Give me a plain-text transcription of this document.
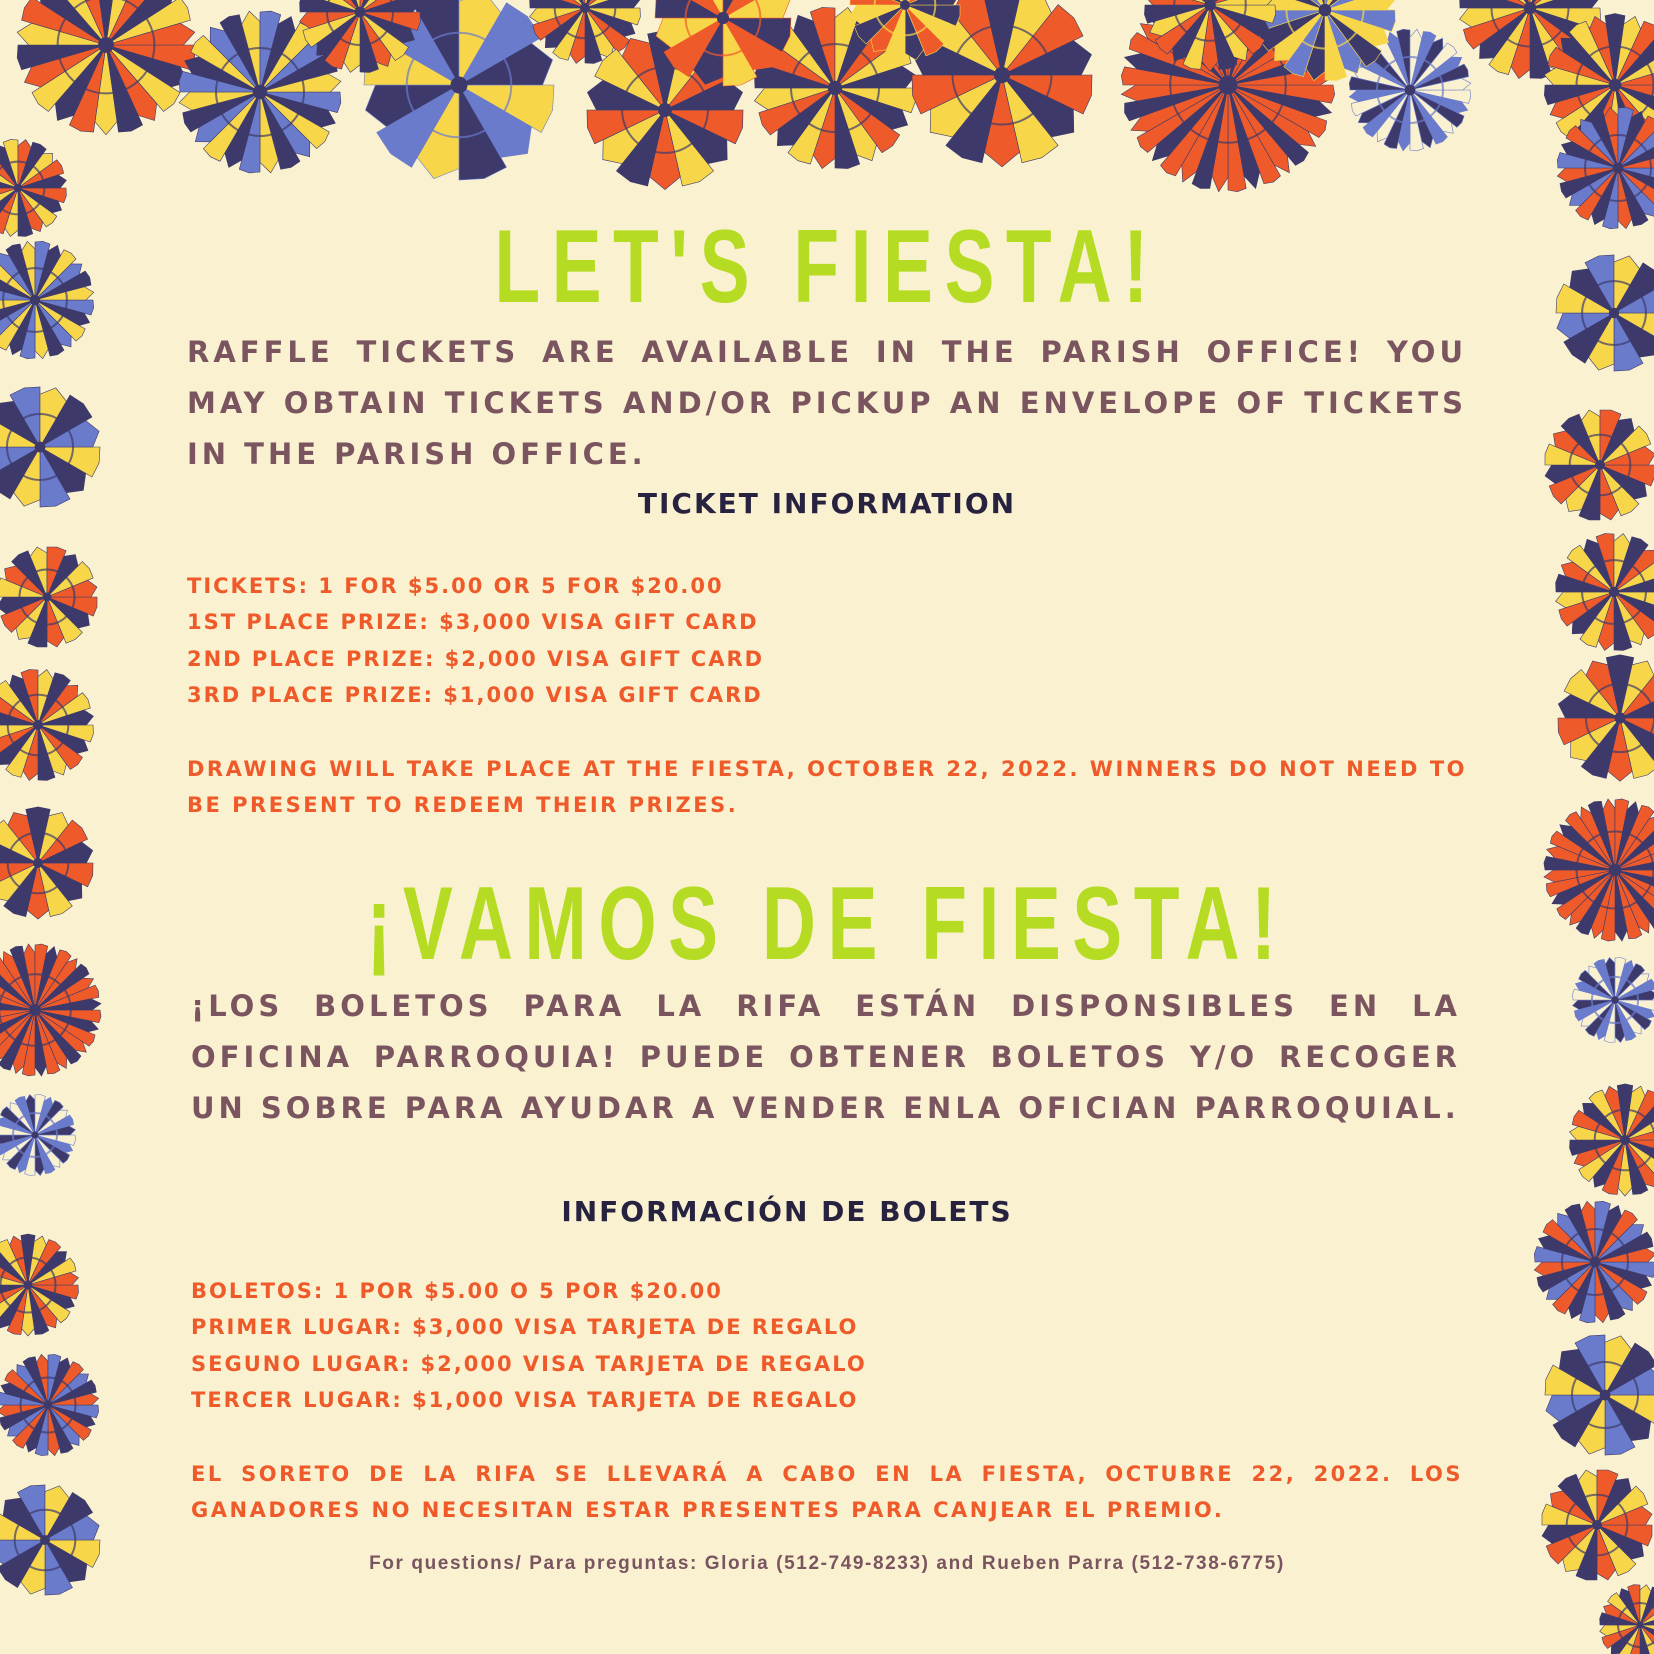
LET'S FIESTA!

RAFFLE TICKETS ARE AVAILABLE IN THE PARISH OFFICE! YOU MAY OBTAIN TICKETS AND/OR PICKUP AN ENVELOPE OF TICKETS IN THE PARISH OFFICE.

TICKET INFORMATION
TICKETS: 1 FOR $5.00 OR 5 FOR $20.00
1ST PLACE PRIZE: $3,000 VISA GIFT CARD
2ND PLACE PRIZE: $2,000 VISA GIFT CARD
3RD PLACE PRIZE: $1,000 VISA GIFT CARD

DRAWING WILL TAKE PLACE AT THE FIESTA, OCTOBER 22, 2022. WINNERS DO NOT NEED TO BE PRESENT TO REDEEM THEIR PRIZES.

¡VAMOS DE FIESTA!

¡LOS BOLETOS PARA LA RIFA ESTÁN DISPONSIBLES EN LA OFICINA PARROQUIA! PUEDE OBTENER BOLETOS Y/O RECOGER UN SOBRE PARA AYUDAR A VENDER ENLA OFICIAN PARROQUIAL.

INFORMACIÓN DE BOLETS
BOLETOS: 1 POR $5.00 O 5 POR $20.00
PRIMER LUGAR: $3,000 VISA TARJETA DE REGALO
SEGUNO LUGAR: $2,000 VISA TARJETA DE REGALO
TERCER LUGAR: $1,000 VISA TARJETA DE REGALO

EL SORETO DE LA RIFA SE LLEVARÁ A CABO EN LA FIESTA, OCTUBRE 22, 2022. LOS GANADORES NO NECESITAN ESTAR PRESENTES PARA CANJEAR EL PREMIO.

For questions/ Para preguntas: Gloria (512-749-8233) and Rueben Parra (512-738-6775)
